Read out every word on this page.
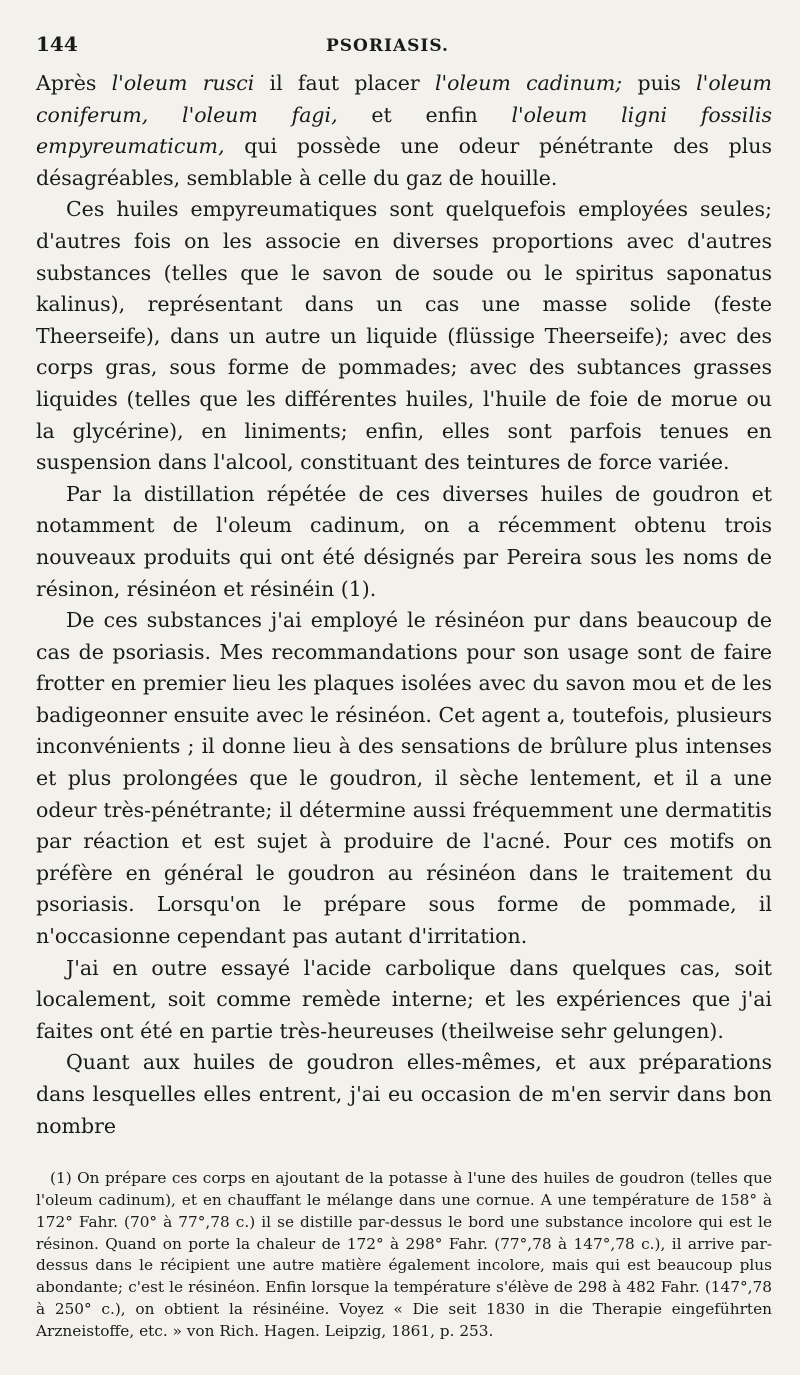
144	PSORIASIS.

Après l'oleum rusci il faut placer l'oleum cadinum; puis l'oleum coniferum, l'oleum fagi, et enfin l'oleum ligni fossilis empyreumaticum, qui possède une odeur pénétrante des plus désagréables, semblable à celle du gaz de houille.

Ces huiles empyreumatiques sont quelquefois employées seules; d'autres fois on les associe en diverses proportions avec d'autres substances (telles que le savon de soude ou le spiritus saponatus kalinus), représentant dans un cas une masse solide (feste Theerseife), dans un autre un liquide (flüssige Theerseife); avec des corps gras, sous forme de pommades; avec des subtances grasses liquides (telles que les différentes huiles, l'huile de foie de morue ou la glycérine), en liniments; enfin, elles sont parfois tenues en suspension dans l'alcool, constituant des teintures de force variée.

Par la distillation répétée de ces diverses huiles de goudron et notamment de l'oleum cadinum, on a récemment obtenu trois nouveaux produits qui ont été désignés par Pereira sous les noms de résinon, résinéon et résinéin (1).

De ces substances j'ai employé le résinéon pur dans beaucoup de cas de psoriasis. Mes recommandations pour son usage sont de faire frotter en premier lieu les plaques isolées avec du savon mou et de les badigeonner ensuite avec le résinéon. Cet agent a, toutefois, plusieurs inconvénients ; il donne lieu à des sensations de brûlure plus intenses et plus prolongées que le goudron, il sèche lentement, et il a une odeur très-pénétrante; il détermine aussi fréquemment une dermatitis par réaction et est sujet à produire de l'acné. Pour ces motifs on préfère en général le goudron au résinéon dans le traitement du psoriasis. Lorsqu'on le prépare sous forme de pommade, il n'occasionne cependant pas autant d'irritation.

J'ai en outre essayé l'acide carbolique dans quelques cas, soit localement, soit comme remède interne; et les expériences que j'ai faites ont été en partie très-heureuses (theilweise sehr gelungen).

Quant aux huiles de goudron elles-mêmes, et aux préparations dans lesquelles elles entrent, j'ai eu occasion de m'en servir dans bon nombre

(1) On prépare ces corps en ajoutant de la potasse à l'une des huiles de goudron (telles que l'oleum cadinum), et en chauffant le mélange dans une cornue. A une température de 158° à 172° Fahr. (70° à 77°,78 c.) il se distille par-dessus le bord une substance incolore qui est le résinon. Quand on porte la chaleur de 172° à 298° Fahr. (77°,78 à 147°,78 c.), il arrive par-dessus dans le récipient une autre matière également incolore, mais qui est beaucoup plus abondante; c'est le résinéon. Enfin lorsque la température s'élève de 298 à 482 Fahr. (147°,78 à 250° c.), on obtient la résinéine. Voyez « Die seit 1830 in die Therapie eingeführten Arzneistoffe, etc. » von Rich. Hagen. Leipzig, 1861, p. 253.
